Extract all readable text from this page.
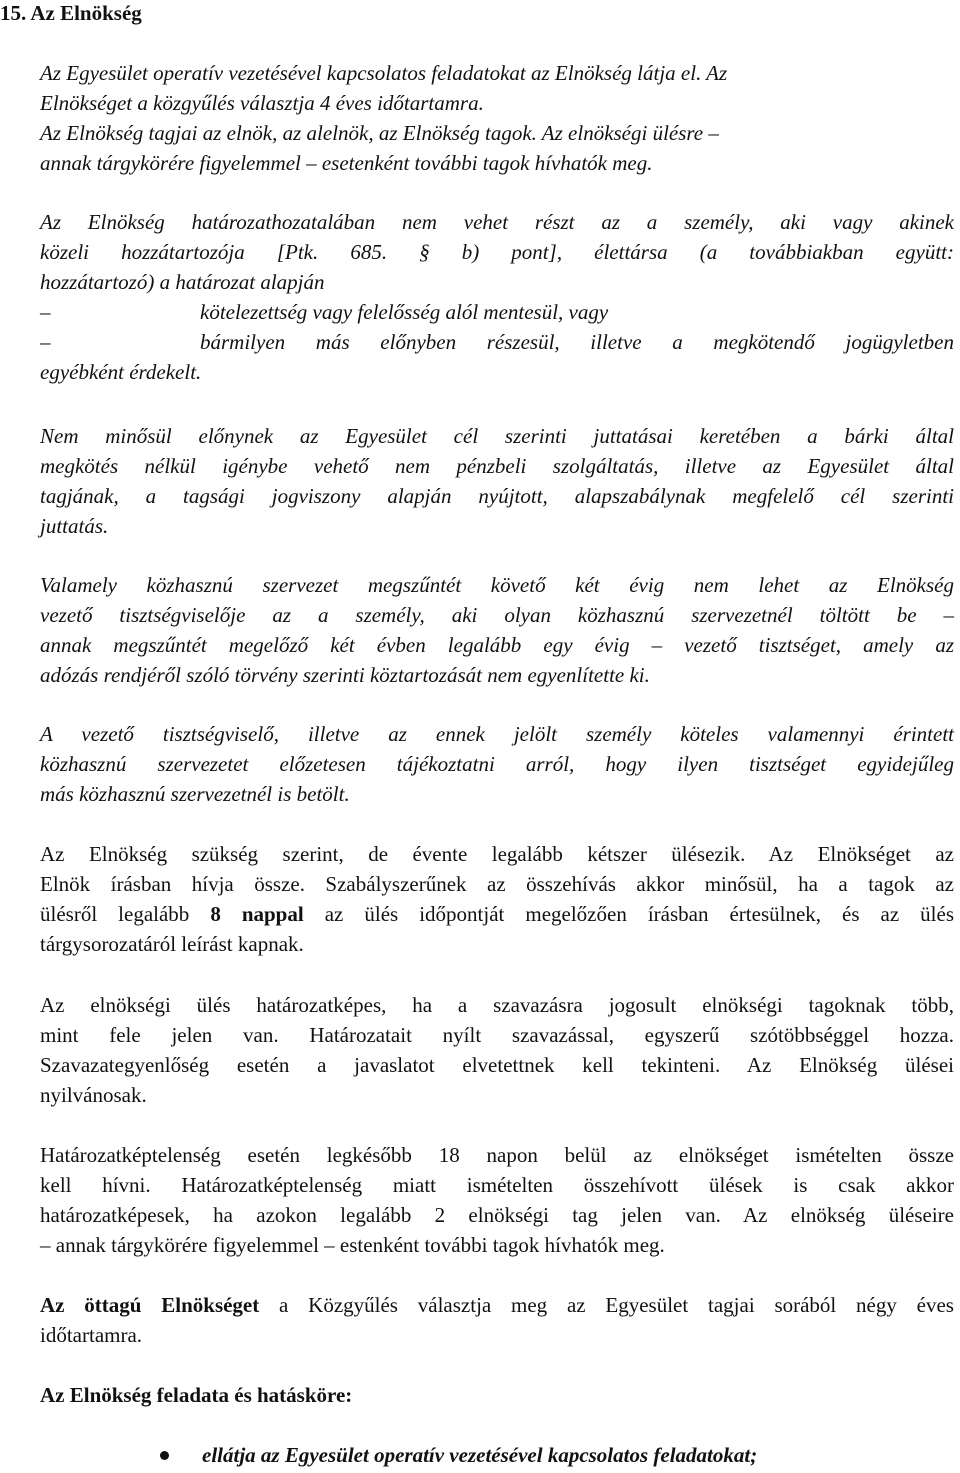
15. Az Elnökség
Az Egyesület operatív vezetésével kapcsolatos feladatokat az Elnökség látja el. Az
Elnökséget a közgyűlés választja 4 éves időtartamra.
Az Elnökség tagjai az elnök, az alelnök, az Elnökség tagok. Az elnökségi ülésre –
annak tárgykörére figyelemmel – esetenként további tagok hívhatók meg.
Az Elnökség határozathozatalában nem vehet részt az a személy, aki vagy akinek
közeli hozzátartozója [Ptk. 685. § b) pont], élettársa (a továbbiakban együtt:
hozzátartozó) a határozat alapján
–	kötelezettség vagy felelősség alól mentesül, vagy

–	bármilyen más előnyben részesül, illetve a megkötendő jogügyletben

egyébként érdekelt.
Nem minősül előnynek az Egyesület cél szerinti juttatásai keretében a bárki által
megkötés nélkül igénybe vehető nem pénzbeli szolgáltatás, illetve az Egyesület által
tagjának, a tagsági jogviszony alapján nyújtott, alapszabálynak megfelelő cél szerinti
juttatás.
Valamely közhasznú szervezet megszűntét követő két évig nem lehet az Elnökség
vezető tisztségviselője az a személy, aki olyan közhasznú szervezetnél töltött be –
annak megszűntét megelőző két évben legalább egy évig – vezető tisztséget, amely az
adózás rendjéről szóló törvény szerinti köztartozását nem egyenlítette ki.
A vezető tisztségviselő, illetve az ennek jelölt személy köteles valamennyi érintett
közhasznú szervezetet előzetesen tájékoztatni arról, hogy ilyen tisztséget egyidejűleg
más közhasznú szervezetnél is betölt.
Az Elnökség szükség szerint, de évente legalább kétszer ülésezik. Az Elnökséget az
Elnök írásban hívja össze. Szabályszerűnek az összehívás akkor minősül, ha a tagok az
ülésről legalább 8 nappal az ülés időpontját megelőzően írásban értesülnek, és az ülés
tárgysorozatáról leírást kapnak.
Az elnökségi ülés határozatképes, ha a szavazásra jogosult elnökségi tagoknak több,
mint fele jelen van. Határozatait nyílt szavazással, egyszerű szótöbbséggel hozza.
Szavazategyenlőség esetén a javaslatot elvetettnek kell tekinteni. Az Elnökség ülései
nyilvánosak.
Határozatképtelenség esetén legkésőbb 18 napon belül az elnökséget ismételten össze
kell hívni. Határozatképtelenség miatt ismételten összehívott ülések is csak akkor
határozatképesek, ha azokon legalább 2 elnökségi tag jelen van. Az elnökség üléseire
– annak tárgykörére figyelemmel – estenként további tagok hívhatók meg.
Az öttagú Elnökséget a Közgyűlés választja meg az Egyesület tagjai sorából négy éves
időtartamra.
Az Elnökség feladata és hatásköre:
ellátja az Egyesület operatív vezetésével kapcsolatos feladatokat;
